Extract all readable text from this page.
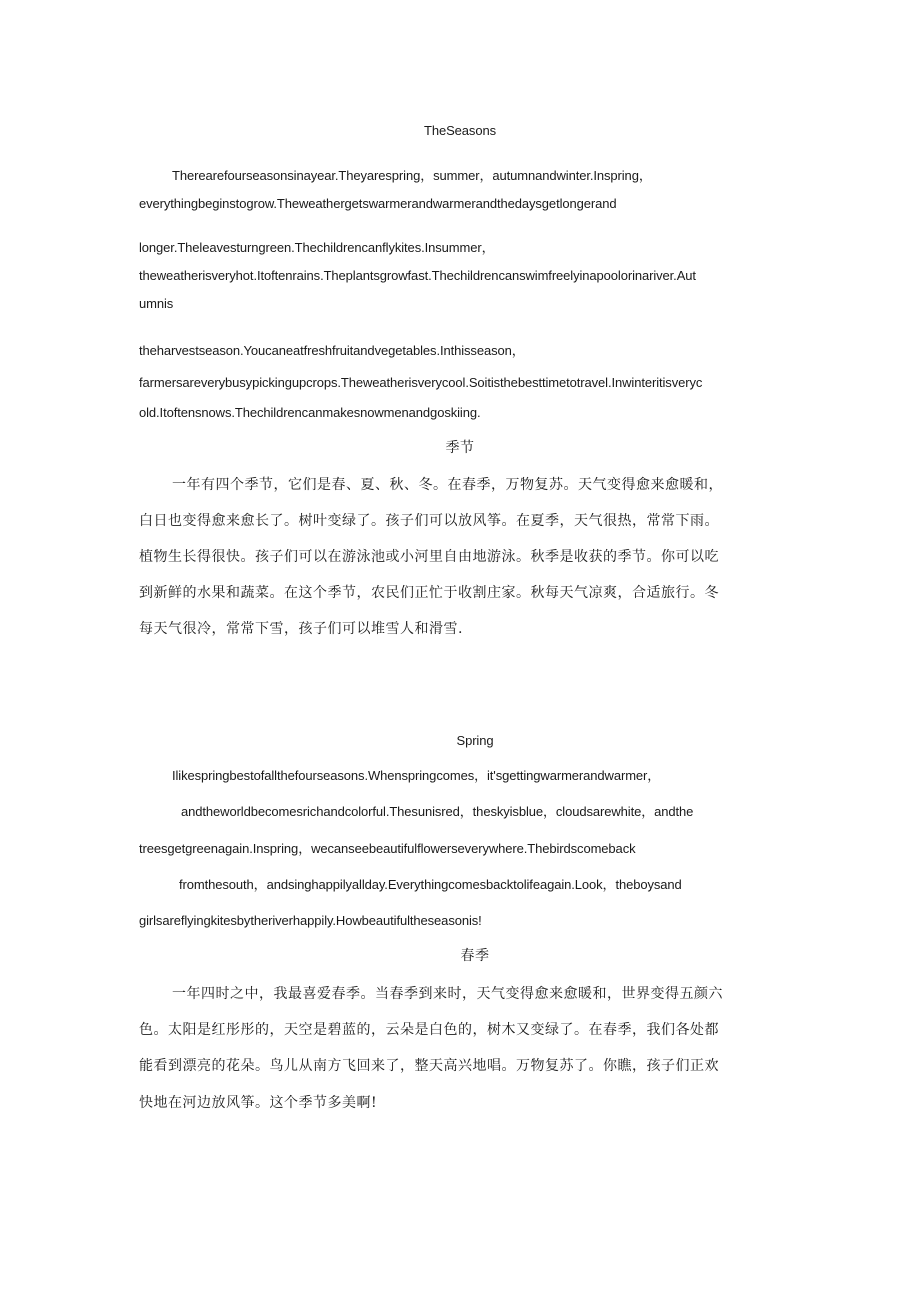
TheSeasons
Therearefourseasonsinayear.Theyarespring，summer，autumnandwinter.Inspring，
everythingbeginstogrow.Theweathergetswarmerandwarmerandthedaysgetlongerand
longer.Theleavesturngreen.Thechildrencanflykites.Insummer，
theweatherisveryhot.Itoftenrains.Theplantsgrowfast.Thechildrencanswimfreelyinapoolorinariver.Aut
umnis
theharvestseason.Youcaneatfreshfruitandvegetables.Inthisseason，
farmersareverybusypickingupcrops.Theweatherisverycool.Soitisthebesttimetotravel.Inwinteritisveryc
old.Itoftensnows.Thechildrencanmakesnowmenandgoskiing.
季节
一年有四个季节，它们是春、夏、秋、冬。在春季，万物复苏。天气变得愈来愈暖和，
白日也变得愈来愈长了。树叶变绿了。孩子们可以放风筝。在夏季，天气很热，常常下雨。
植物生长得很快。孩子们可以在游泳池或小河里自由地游泳。秋季是收获的季节。你可以吃
到新鲜的水果和蔬菜。在这个季节，农民们正忙于收割庄家。秋每天气凉爽，合适旅行。冬
每天气很冷，常常下雪，孩子们可以堆雪人和滑雪.
Spring
Ilikespringbestofallthefourseasons.Whenspringcomes，it'sgettingwarmerandwarmer，
andtheworldbecomesrichandcolorful.Thesunisred，theskyisblue，cloudsarewhite，andthe
treesgetgreenagain.Inspring，wecanseebeautifulflowerseverywhere.Thebirdscomeback
fromthesouth，andsinghappilyallday.Everythingcomesbacktolifeagain.Look，theboysand
girlsareflyingkitesbytheriverhappily.Howbeautifultheseasonis!
春季
一年四时之中，我最喜爱春季。当春季到来时，天气变得愈来愈暖和，世界变得五颜六
色。太阳是红彤彤的，天空是碧蓝的，云朵是白色的，树木又变绿了。在春季，我们各处都
能看到漂亮的花朵。鸟儿从南方飞回来了，整天高兴地唱。万物复苏了。你瞧，孩子们正欢
快地在河边放风筝。这个季节多美啊!
